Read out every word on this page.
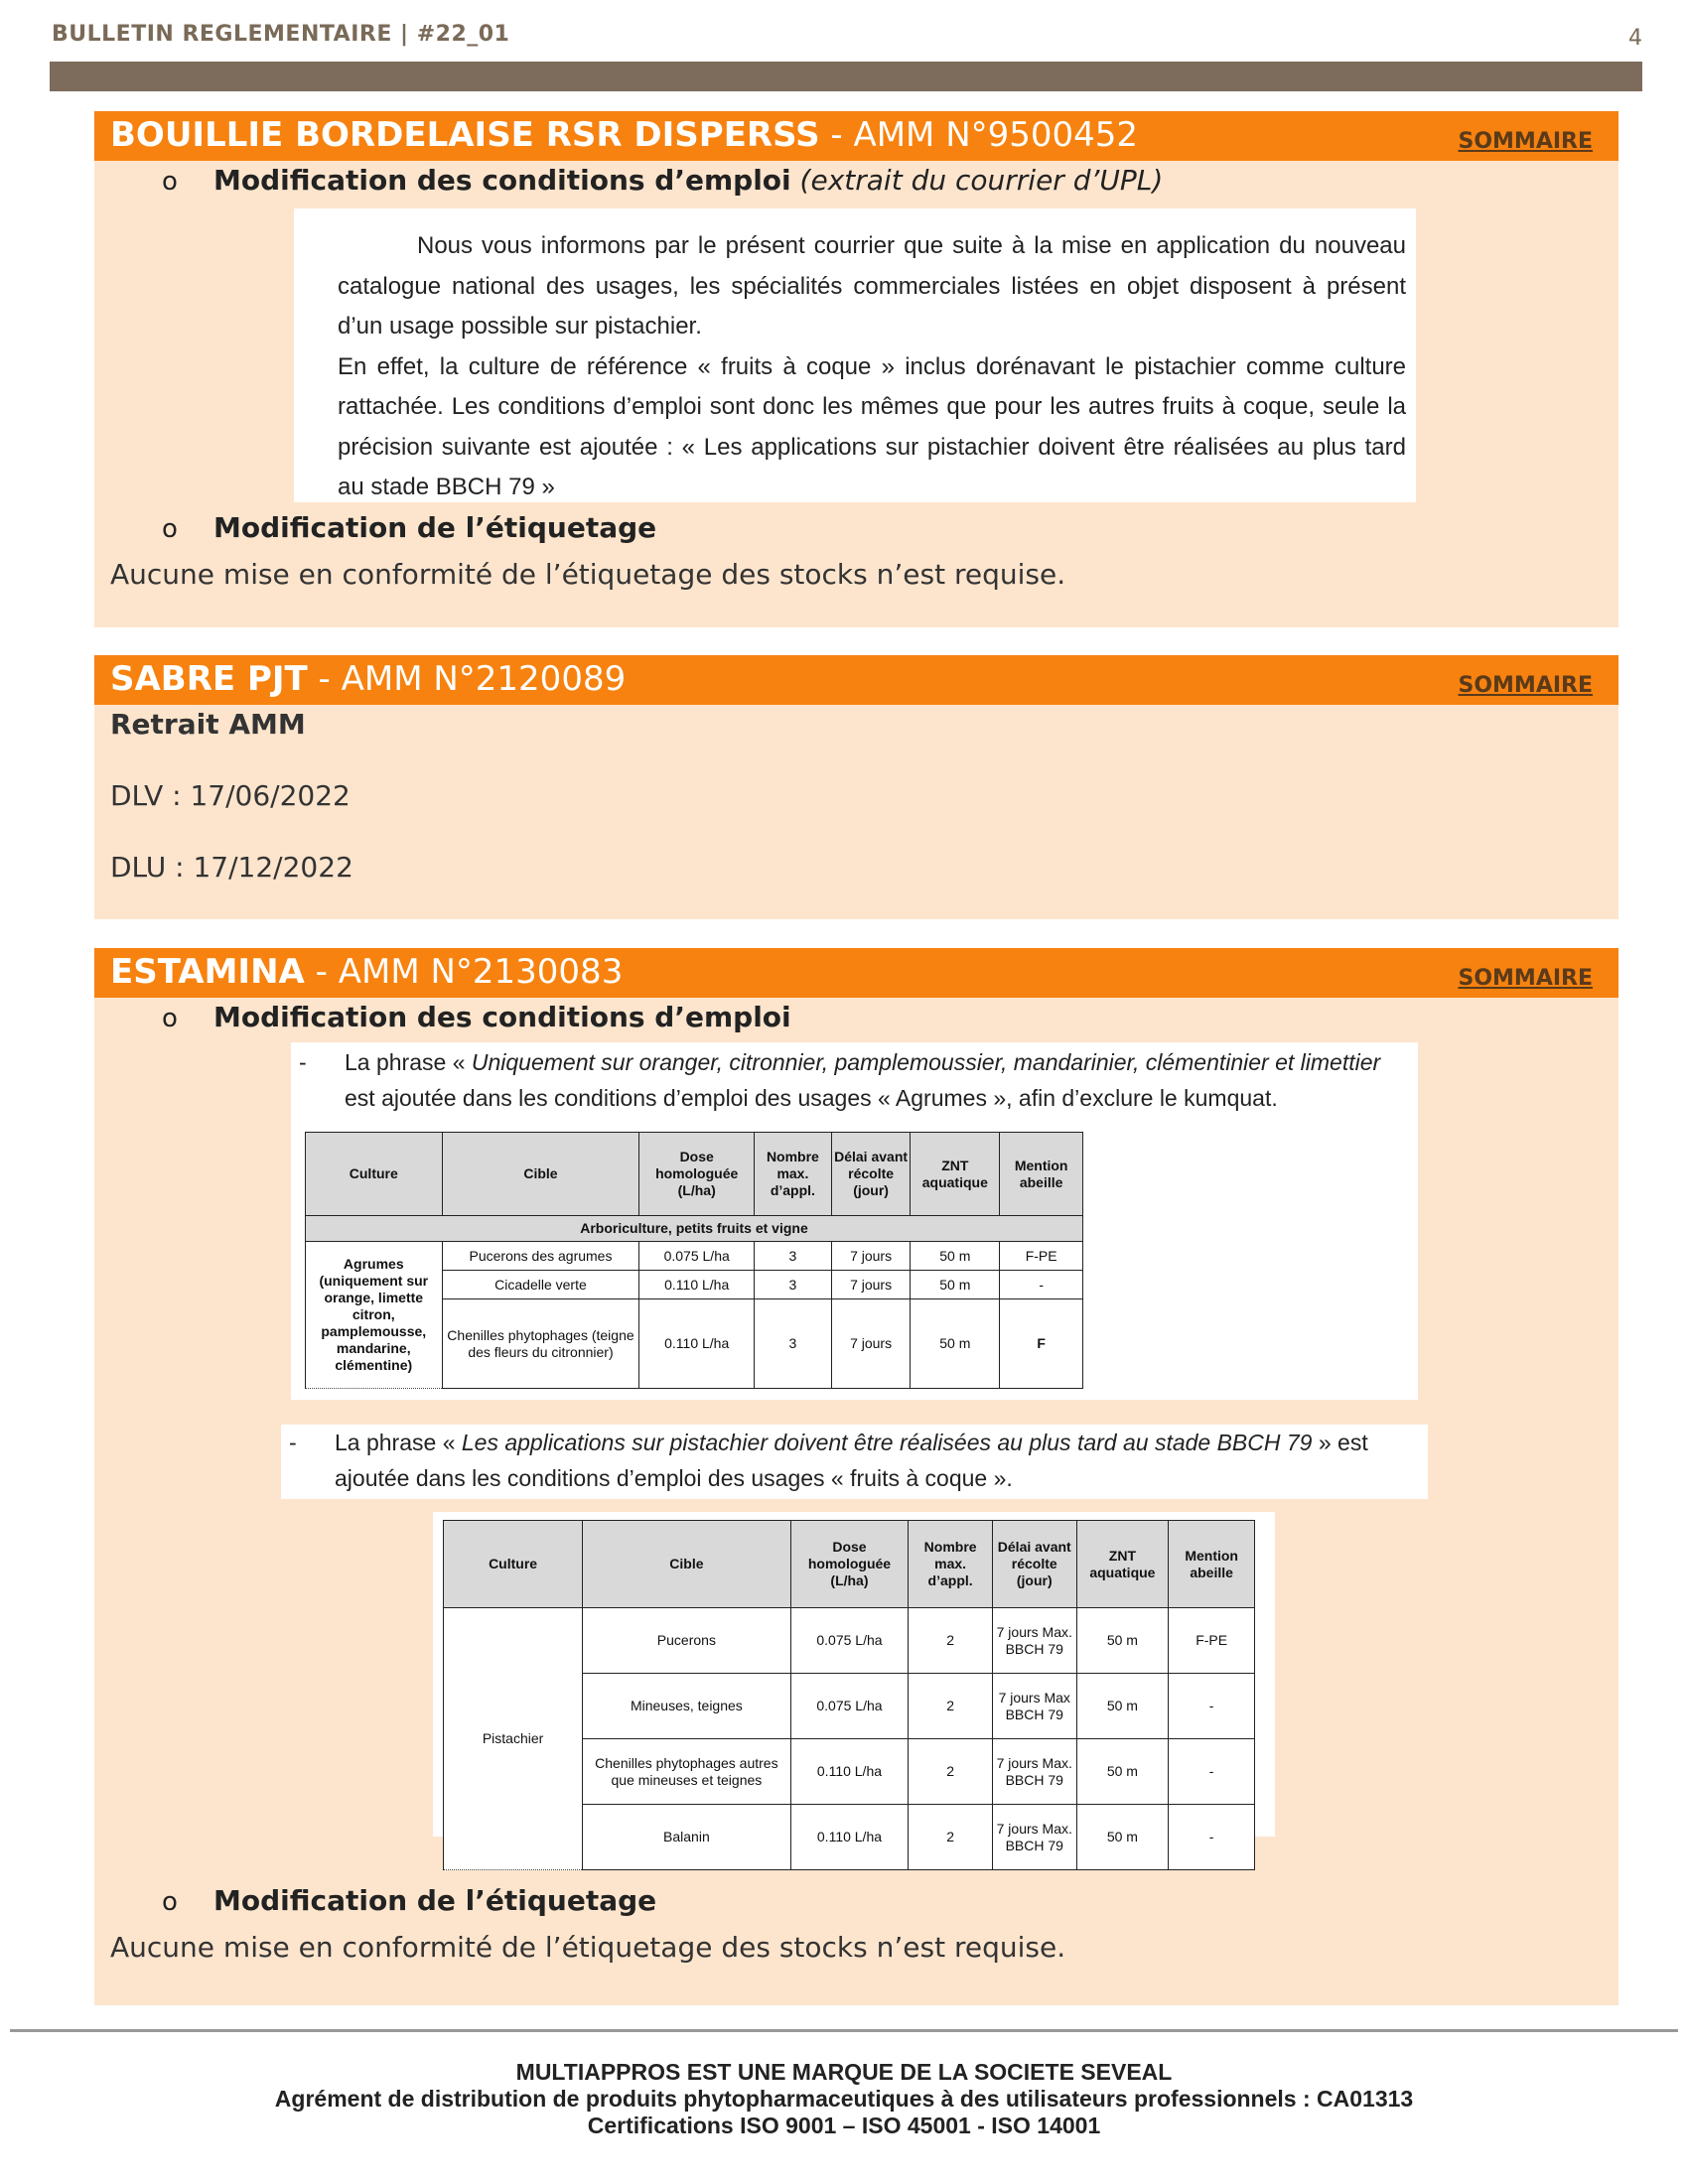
BULLETIN REGLEMENTAIRE | #22_01	4
BOUILLIE BORDELAISE RSR DISPERSS - AMM N°9500452	SOMMAIRE
o Modification des conditions d’emploi (extrait du courrier d’UPL)

Nous vous informons par le présent courrier que suite à la mise en application du nouveau catalogue national des usages, les spécialités commerciales listées en objet disposent à présent d’un usage possible sur pistachier.

En effet, la culture de référence « fruits à coque » inclus dorénavant le pistachier comme culture rattachée. Les conditions d’emploi sont donc les mêmes que pour les autres fruits à coque, seule la précision suivante est ajoutée : « Les applications sur pistachier doivent être réalisées au plus tard au stade BBCH 79 »

o Modification de l’étiquetage
Aucune mise en conformité de l’étiquetage des stocks n’est requise.
SABRE PJT - AMM N°2120089	SOMMAIRE
Retrait AMM
DLV : 17/06/2022
DLU : 17/12/2022
ESTAMINA - AMM N°2130083	SOMMAIRE
o Modification des conditions d’emploi
- La phrase « Uniquement sur oranger, citronnier, pamplemoussier, mandarinier, clémentinier et limettier
est ajoutée dans les conditions d’emploi des usages « Agrumes », afin d’exclure le kumquat.
Culture	Cible	Dose homologuée (L/ha)	Nombre max. d’appl.	Délai avant récolte (jour)	ZNT aquatique	Mention abeille
Arboriculture, petits fruits et vigne						
Agrumes (uniquement sur orange, limette citron, pamplemousse, mandarine, clémentine)	Pucerons des agrumes	0.075 L/ha	3	7 jours	50 m	F-PE
	Cicadelle verte	0.110 L/ha	3	7 jours	50 m	-
	Chenilles phytophages (teigne des fleurs du citronnier)	0.110 L/ha	3	7 jours	50 m	F
- La phrase « Les applications sur pistachier doivent être réalisées au plus tard au stade BBCH 79 » est
ajoutée dans les conditions d’emploi des usages « fruits à coque ».
Culture	Cible	Dose homologuée (L/ha)	Nombre max. d’appl.	Délai avant récolte (jour)	ZNT aquatique	Mention abeille
Pistachier	Pucerons	0.075 L/ha	2	7 jours Max. BBCH 79	50 m	F-PE
	Mineuses, teignes	0.075 L/ha	2	7 jours Max BBCH 79	50 m	-
	Chenilles phytophages autres que mineuses et teignes	0.110 L/ha	2	7 jours Max. BBCH 79	50 m	-
	Balanin	0.110 L/ha	2	7 jours Max. BBCH 79	50 m	-
o Modification de l’étiquetage
Aucune mise en conformité de l’étiquetage des stocks n’est requise.
MULTIAPPROS EST UNE MARQUE DE LA SOCIETE SEVEAL
Agrément de distribution de produits phytopharmaceutiques à des utilisateurs professionnels : CA01313
Certifications ISO 9001 – ISO 45001 - ISO 14001
